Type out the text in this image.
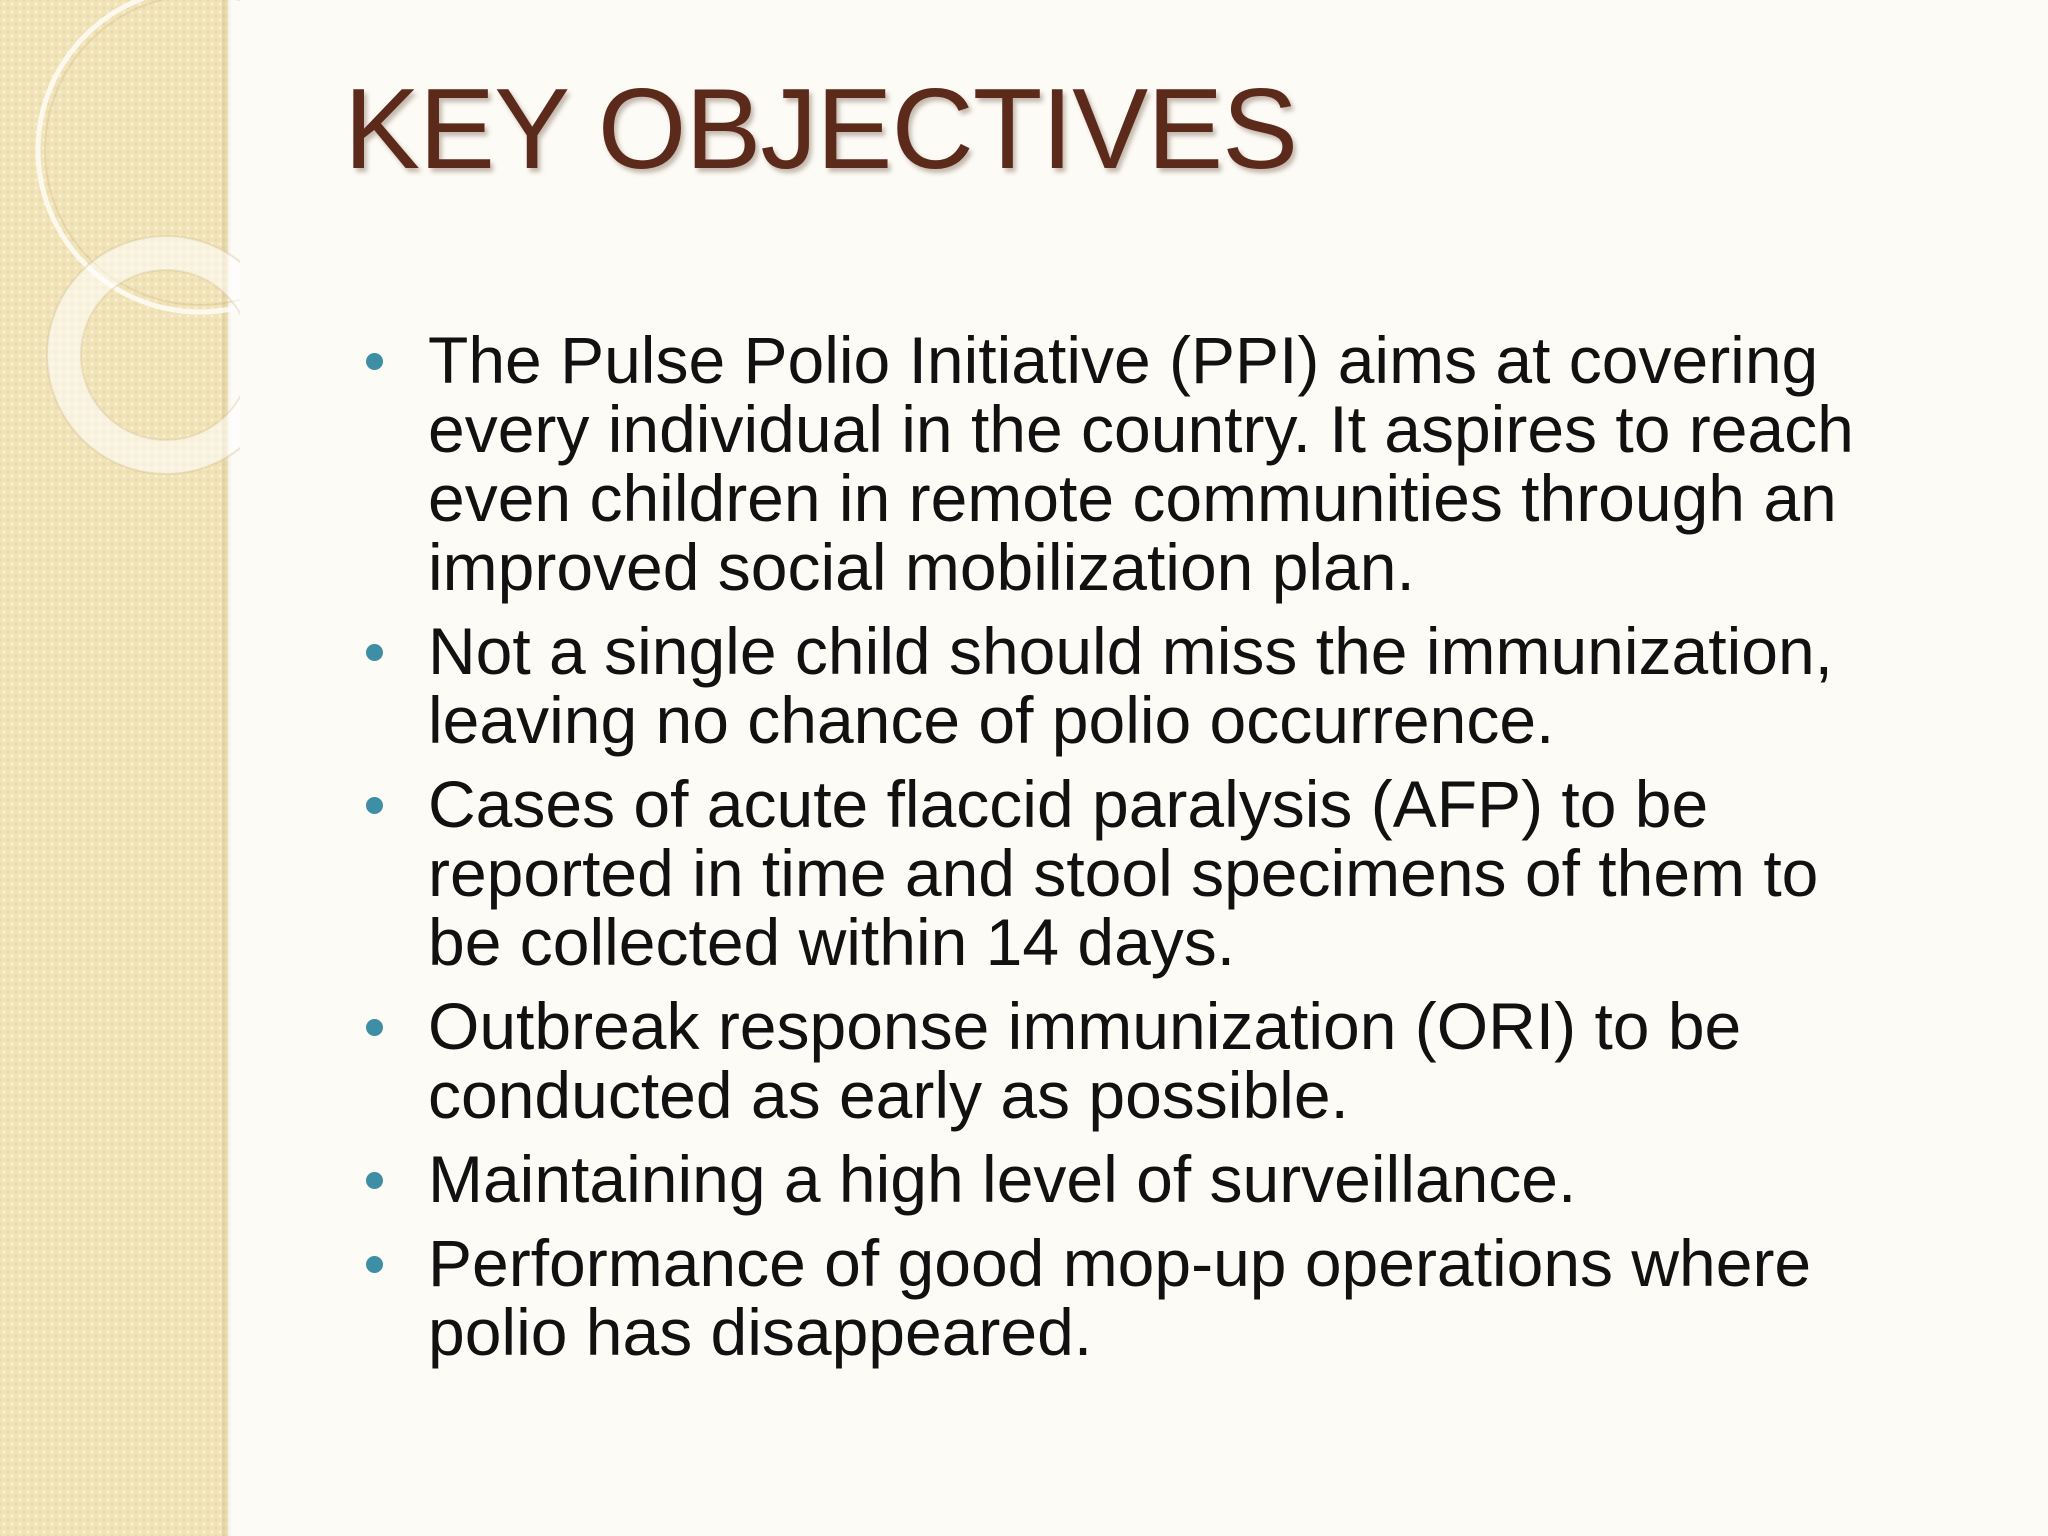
KEY OBJECTIVES
The Pulse Polio Initiative (PPI) aims at covering
every individual in the country. It aspires to reach
even children in remote communities through an
improved social mobilization plan.
Not a single child should miss the immunization,
leaving no chance of polio occurrence.
Cases of acute flaccid paralysis (AFP) to be
reported in time and stool specimens of them to
be collected within 14 days.
Outbreak response immunization (ORI) to be
conducted as early as possible.
Maintaining a high level of surveillance.
Performance of good mop-up operations where
polio has disappeared.
